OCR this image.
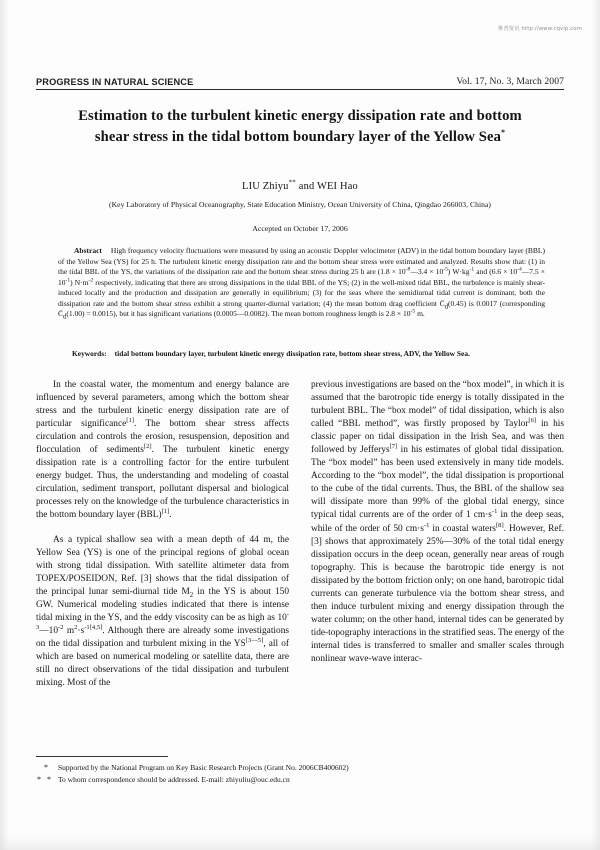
维普资讯 http://www.cqvip.com
PROGRESS IN NATURAL SCIENCE	Vol. 17, No. 3, March 2007
Estimation to the turbulent kinetic energy dissipation rate and bottom
shear stress in the tidal bottom boundary layer of the Yellow Sea*
LIU Zhiyu** and WEI Hao
(Key Laboratory of Physical Oceanography, State Education Ministry, Ocean University of China, Qingdao 266003, China)
Accepted on October 17, 2006
Abstract High frequency velocity fluctuations were measured by using an acoustic Doppler velocimeter (ADV) in the tidal bottom boundary layer (BBL) of the Yellow Sea (YS) for 25 h. The turbulent kinetic energy dissipation rate and the bottom shear stress were estimated and analyzed. Results show that: (1) in the tidal BBL of the YS, the variations of the dissipation rate and the bottom shear stress during 25 h are $(1.8 \times 10^{-8}—3.4 \times 10^{-5})$ $W\cdot kg^{-1}$ and $(6.6 \times 10^{-4}—7.5 \times 10^{-1})$ $N\cdot m^{-2}$ respectively, indicating that there are strong dissipations in the tidal BBL of the YS; (2) in the well-mixed tidal BBL, the turbulence is mainly shear-induced locally and the production and dissipation are generally in equilibrium; (3) for the seas where the semidiurnal tidal current is dominant, both the dissipation rate and the bottom shear stress exhibit a strong quarter-diurnal variation; (4) the mean bottom drag coefficient $C̄_d(0.45)$ is 0.0017 (corresponding $C̄_d(1.00) = 0.0015$), but it has significant variations (0.0005—0.0082). The mean bottom roughness length is $2.8 \times 10^{-5}$ m.
Keywords: tidal bottom boundary layer, turbulent kinetic energy dissipation rate, bottom shear stress, ADV, the Yellow Sea.

In the coastal water, the momentum and energy balance are influenced by several parameters, among which the bottom shear stress and the turbulent kinetic energy dissipation rate are of particular significance[1]. The bottom shear stress affects circulation and controls the erosion, resuspension, deposition and flocculation of sediments[2]. The turbulent kinetic energy dissipation rate is a controlling factor for the entire turbulent energy budget. Thus, the understanding and modeling of coastal circulation, sediment transport, pollutant dispersal and biological processes rely on the knowledge of the turbulence characteristics in the bottom boundary layer (BBL)[1].

As a typical shallow sea with a mean depth of 44 m, the Yellow Sea (YS) is one of the principal regions of global ocean with strong tidal dissipation. With satellite altimeter data from TOPEX/POSEIDON, Ref. [3] shows that the tidal dissipation of the principal lunar semi-diurnal tide $M_2$ in the YS is about 150 GW. Numerical modeling studies indicated that there is intense tidal mixing in the YS, and the eddy viscosity can be as high as $10^{-3}—10^{-2}$ $m^2\cdot s^{-1[4,5]}$. Although there are already some investigations on the tidal dissipation and turbulent mixing in the YS[3—5], all of which are based on numerical modeling or satellite data, there are still no direct observations of the tidal dissipation and turbulent mixing. Most of the

previous investigations are based on the “box model”, in which it is assumed that the barotropic tide energy is totally dissipated in the turbulent BBL. The “box model” of tidal dissipation, which is also called “BBL method”, was firstly proposed by Taylor[6] in his classic paper on tidal dissipation in the Irish Sea, and was then followed by Jefferys[7] in his estimates of global tidal dissipation. The “box model” has been used extensively in many tide models. According to the “box model”, the tidal dissipation is proportional to the cube of the tidal currents. Thus, the BBL of the shallow sea will dissipate more than 99% of the global tidal energy, since typical tidal currents are of the order of 1 $cm\cdot s^{-1}$ in the deep seas, while of the order of 50 $cm\cdot s^{-1}$ in coastal waters[8]. However, Ref. [3] shows that approximately 25%—30% of the total tidal energy dissipation occurs in the deep ocean, generally near areas of rough topography. This is because the barotropic tide energy is not dissipated by the bottom friction only; on one hand, barotropic tidal currents can generate turbulence via the bottom shear stress, and then induce turbulent mixing and energy dissipation through the water column; on the other hand, internal tides can be generated by tide-topography interactions in the stratified seas. The energy of the internal tides is transferred to smaller and smaller scales through nonlinear wave-wave interac-

*	Supported by the National Program on Key Basic Research Projects (Grant No. 2006CB400602)
* * To whom correspondence should be addressed. E-mail: zhiyuliu@ouc.edu.cn
